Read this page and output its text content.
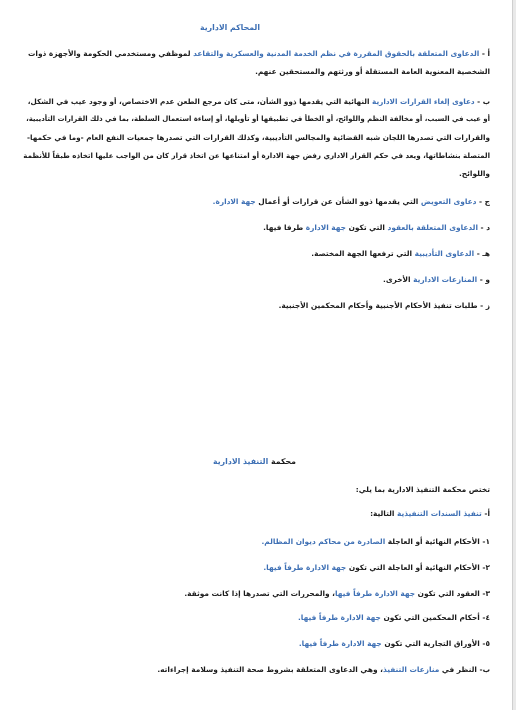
المحاكم الادارية
أ - الدعاوى المتعلقة بالحقوق المقررة في نظم الخدمة المدنية والعسكرية والتقاعد لموظفي ومستخدمي الحكومة والأجهزة ذوات
الشخصية المعنوية العامة المستقلة أو ورثتهم والمستحقين عنهم.
ب - دعاوى إلغاء القرارات الادارية النهائية التي يقدمها ذوو الشأن، متى كان مرجع الطعن عدم الاختصاص، أو وجود عيب في الشكل،
أو عيب في السبب، أو مخالفة النظم واللوائح، أو الخطأ في تطبيقها أو تأويلها، أو إساءة استعمال السلطة، بما في ذلك القرارات التأديبية،
والقرارات التي تصدرها اللجان شبه القضائية والمجالس التأديبية، وكذلك القرارات التي تصدرها جمعيات النفع العام -وما في حكمها-
المتصلة بنشاطاتها، ويعد في حكم القرار الاداري رفض جهة الادارة أو امتناعها عن اتخاذ قرار كان من الواجب عليها اتخاذه طبقاً للأنظمة
واللوائح.
ج - دعاوى التعويض التي يقدمها ذوو الشأن عن قرارات أو أعمال جهة الادارة.
د - الدعاوى المتعلقة بالعقود التي تكون جهة الادارة طرفا فيها.
هـ - الدعاوى التأديبية التي ترفعها الجهة المختصة.
و - المنازعات الادارية الأخرى.
ز - طلبات تنفيذ الأحكام الأجنبية وأحكام المحكمين الأجنبية.
محكمة التنفيذ الادارية
تختص محكمة التنفيذ الادارية بما يلي:
أ- تنفيذ السندات التنفيذية التالية:
١- الأحكام النهائية أو العاجلة الصادرة من محاكم ديوان المظالم.
٢- الأحكام النهائية أو العاجلة التي تكون جهة الادارة طرفاً فيها.
٣- العقود التي تكون جهة الادارة طرفاً فيها، والمحررات التي تصدرها إذا كانت موثقة.
٤- أحكام المحكمين التي تكون جهة الادارة طرفاً فيها.
٥- الأوراق التجارية التي تكون جهة الادارة طرفاً فيها.
ب- النظر في منازعات التنفيذ، وهي الدعاوى المتعلقة بشروط صحة التنفيذ وسلامة إجراءاته.
